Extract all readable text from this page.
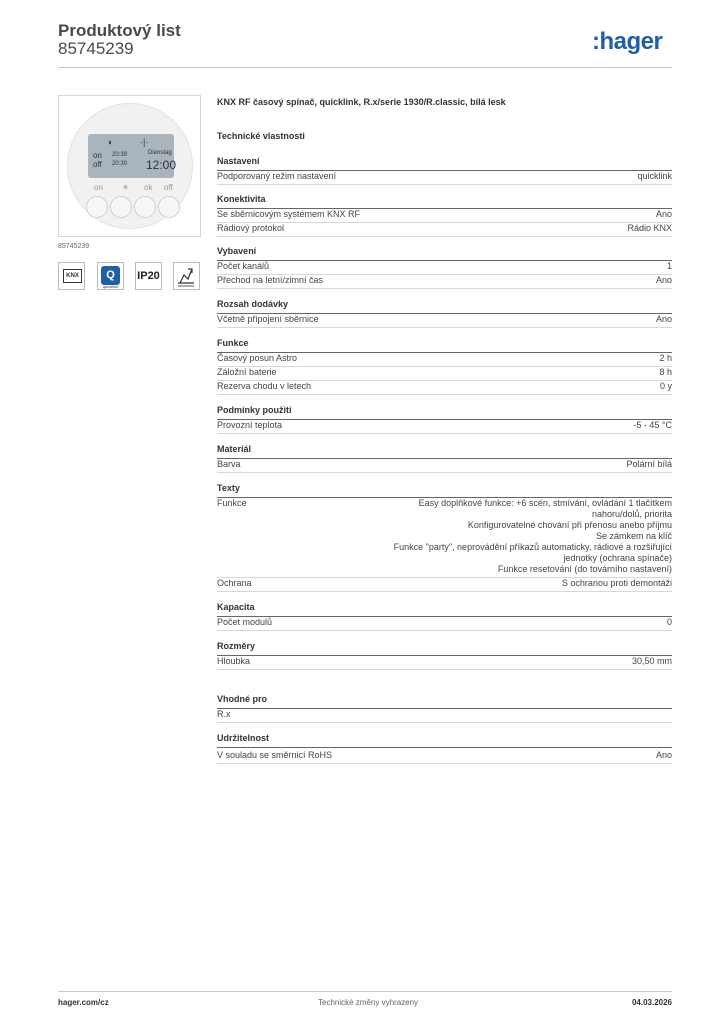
Produktový list
85745239	:hager
◐	·|·
on
off
20:39
20:30
Dienstag
12:00
on ☀ ok off
85745239
KNX	Q
quicklink
IP20
KNX RF časový spínač, quicklink, R.x/serie 1930/R.classic, bílá lesk
Technické vlastnosti
Nastavení
Podporovaný režim nastavení	quicklink
Konektivita
Se sběrnicovým systémem KNX RF	Ano
Rádiový protokol	Rádio KNX
Vybavení
Počet kanálů	1
Přechod na letní/zimní čas	Ano
Rozsah dodávky
Včetně připojení sběrnice	Ano
Funkce
Časový posun Astro	2 h
Záložní baterie	8 h
Rezerva chodu v letech	0 y
Podmínky použití
Provozní teplota	-5 - 45 °C
Materiál
Barva	Polární bílá
Texty
Funkce	Easy doplňkové funkce: +6 scén, stmívání, ovládání 1 tlačítkem
nahoru/dolů, priorita
Konfigurovatelné chování při přenosu anebo příjmu
Se zámkem na klíč
Funkce "party", neprovádění příkazů automaticky, rádiové a rozšiřující
jednotky (ochrana spínače)
Funkce resetování (do továrního nastavení)
Ochrana	S ochranou proti demontáži
Kapacita
Počet modulů	0
Rozměry
Hloubka	30,50 mm
Vhodné pro
R.x
Udržitelnost
V souladu se směrnicí RoHS	Ano
hager.com/cz	Technické změny vyhrazeny	04.03.2026
